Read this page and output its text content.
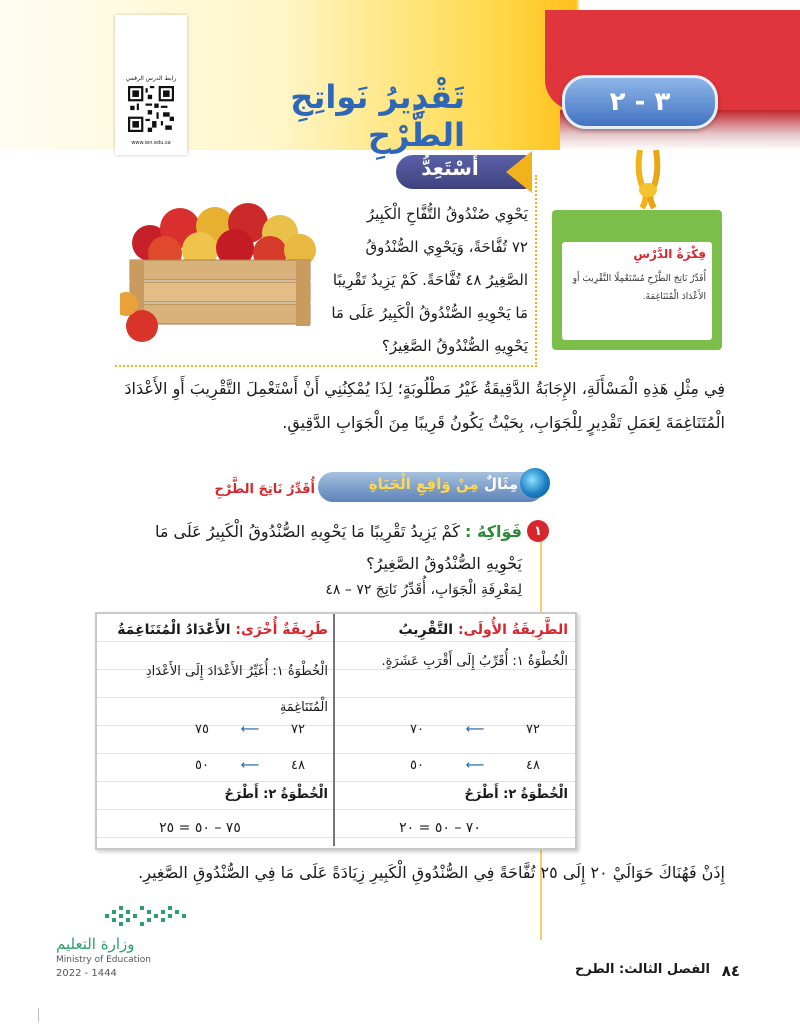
٣ - ٢
تَقْدِيرُ نَواتِجِ الطَّرْحِ
رابط الدرس الرقمي
www.ien.edu.sa
فِكْرَةُ الدَّرْسِ
أُقَدِّرُ نَاتِجَ الطَّرْحِ مُسْتَعْمِلًا التَّقْرِيبَ أَوِ الأَعْدَادَ الْمُتَنَاغِمَةَ.
أَسْتَعِدُّ
يَحْوِي صُنْدُوقُ التُّفَّاحِ الْكَبِيرُ
٧٢ تُفَّاحَةً، وَيَحْوِي الصُّنْدُوقُ
الصَّغِيرُ ٤٨ تُفَّاحَةً. كَمْ يَزِيدُ تَقْرِيبًا
مَا يَحْوِيهِ الصُّنْدُوقُ الْكَبِيرُ عَلَى مَا
يَحْوِيهِ الصُّنْدُوقُ الصَّغِيرُ؟
فِي مِثْلِ هَذِهِ الْمَسْأَلَةِ، الإِجَابَةُ الدَّقِيقَةُ غَيْرُ مَطْلُوبَةٍ؛ لِذَا يُمْكِنُنِي أَنْ أَسْتَعْمِلَ التَّقْرِيبَ أَوِ الأَعْدَادَ الْمُتَنَاغِمَةَ لِعَمَلِ تَقْدِيرٍ لِلْجَوَابِ، بِحَيْثُ يَكُونُ قَرِيبًا مِنَ الْجَوَابِ الدَّقِيقِ.
مِثَالٌ مِنْ وَاقِعِ الْحَيَاةِ
أُقَدِّرُ نَاتِجَ الطَّرْحِ
١
فَوَاكِهُ : كَمْ يَزِيدُ تَقْرِيبًا مَا يَحْوِيهِ الصُّنْدُوقُ الْكَبِيرُ عَلَى مَا يَحْوِيهِ الصُّنْدُوقُ الصَّغِيرُ؟
لِمَعْرِفَةِ الْجَوَابِ، أُقَدِّرُ نَاتِجَ ٧٢ – ٤٨
الطَّرِيقَةُ الأُولَى: التَّقْرِيبُ
الْخُطْوَةُ ١: أُقَرِّبُ إِلَى أَقْرَبِ عَشَرَةٍ.
٧٠	⟵	٧٢
٥٠	⟵	٤٨
الْخُطْوَةُ ٢: أَطْرَحُ
٧٠ – ٥٠ = ٢٠
طَرِيقَةٌ أُخْرَى: الأَعْدَادُ الْمُتَنَاغِمَةُ
الْخُطْوَةُ ١: أُغَيِّرُ الأَعْدَادَ إِلَى الأَعْدَادِ الْمُتَنَاغِمَةِ
٧٥ ⟵ ٧٢
٥٠ ⟵ ٤٨
الْخُطْوَةُ ٢: أَطْرَحُ
٧٥ – ٥٠ = ٢٥
إِذَنْ فَهُنَاكَ حَوَالَيْ ٢٠ إِلَى ٢٥ تُفَّاحَةً فِي الصُّنْدُوقِ الْكَبِيرِ زِيَادَةً عَلَى مَا فِي الصُّنْدُوقِ الصَّغِيرِ.
وزارة التعليم
Ministry of Education
2022 - 1444	٨٤
الفصل الثالث: الطرح
